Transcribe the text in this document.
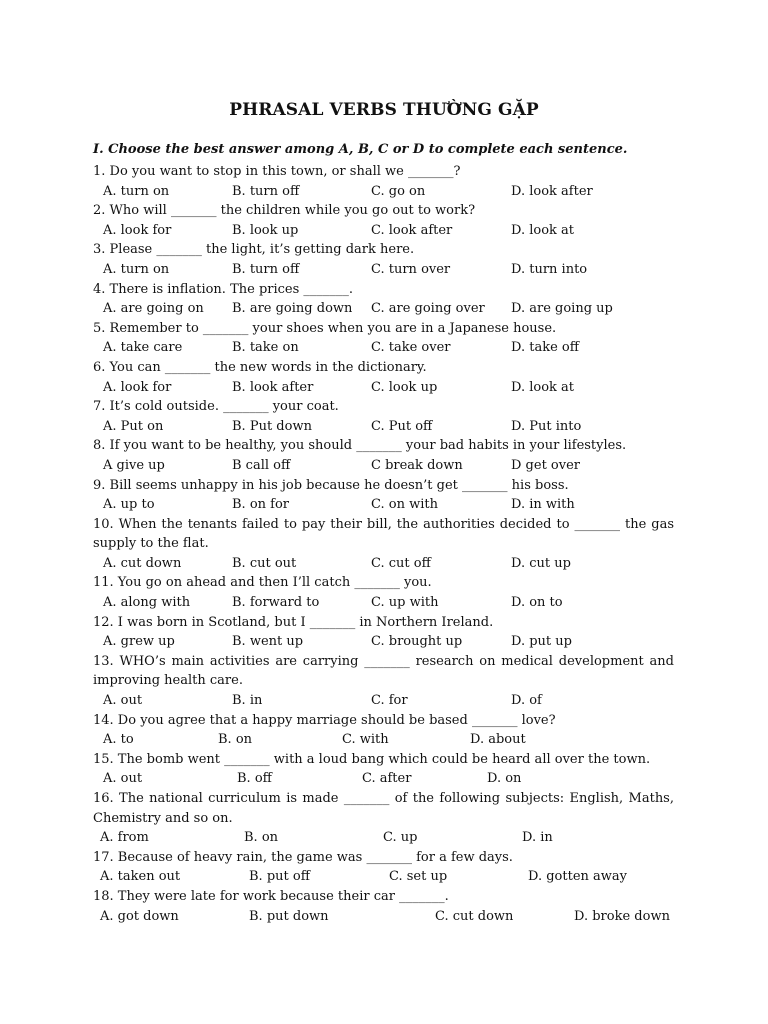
PHRASAL VERBS THƯỜNG GẶP
I. Choose the best answer among A, B, C or D to complete each sentence.
1. Do you want to stop in this town, or shall we _______?
A. turn on	B. turn off	C. go on	D. look after
2. Who will _______ the children while you go out to work?
A. look for	B. look up	C. look after	D. look at
3. Please _______ the light, it’s getting dark here.
A. turn on	B. turn off	C. turn over	D. turn into
4. There is inflation. The prices _______.
A. are going on B. are going down C. are going over D. are going up
5. Remember to _______ your shoes when you are in a Japanese house.
A. take care	B. take on	C. take over	D. take off
6. You can _______ the new words in the dictionary.
A. look for	B. look after	C. look up	D. look at
7. It’s cold outside. _______ your coat.
A. Put on	B. Put down	C. Put off	D. Put into
8. If you want to be healthy, you should _______ your bad habits in your lifestyles.
A give up	B call off	C break down	D get over
9. Bill seems unhappy in his job because he doesn’t get _______ his boss.
A. up to	B. on for	C. on with	D. in with
10. When the tenants failed to pay their bill, the authorities decided to _______ the gas supply to the flat.
A. cut down	B. cut out	C. cut off	D. cut up
11. You go on ahead and then I’ll catch _______ you.
A. along with	B. forward to	C. up with	D. on to
12. I was born in Scotland, but I _______ in Northern Ireland.
A. grew up	B. went up	C. brought up	D. put up
13. WHO’s main activities are carrying _______ research on medical development and improving health care.
A. out	B. in	C. for	D. of
14. Do you agree that a happy marriage should be based _______ love?
A. to	B. on	C. with	D. about
15. The bomb went _______ with a loud bang which could be heard all over the town.
A. out	B. off	C. after	D. on
16. The national curriculum is made _______ of the following subjects: English, Maths, Chemistry and so on.
A. from	B. on	C. up	D. in
17. Because of heavy rain, the game was _______ for a few days.
A. taken out	B. put off	C. set up	D. gotten away
18. They were late for work because their car _______.
A. got down	B. put down	C. cut down	D. broke down
